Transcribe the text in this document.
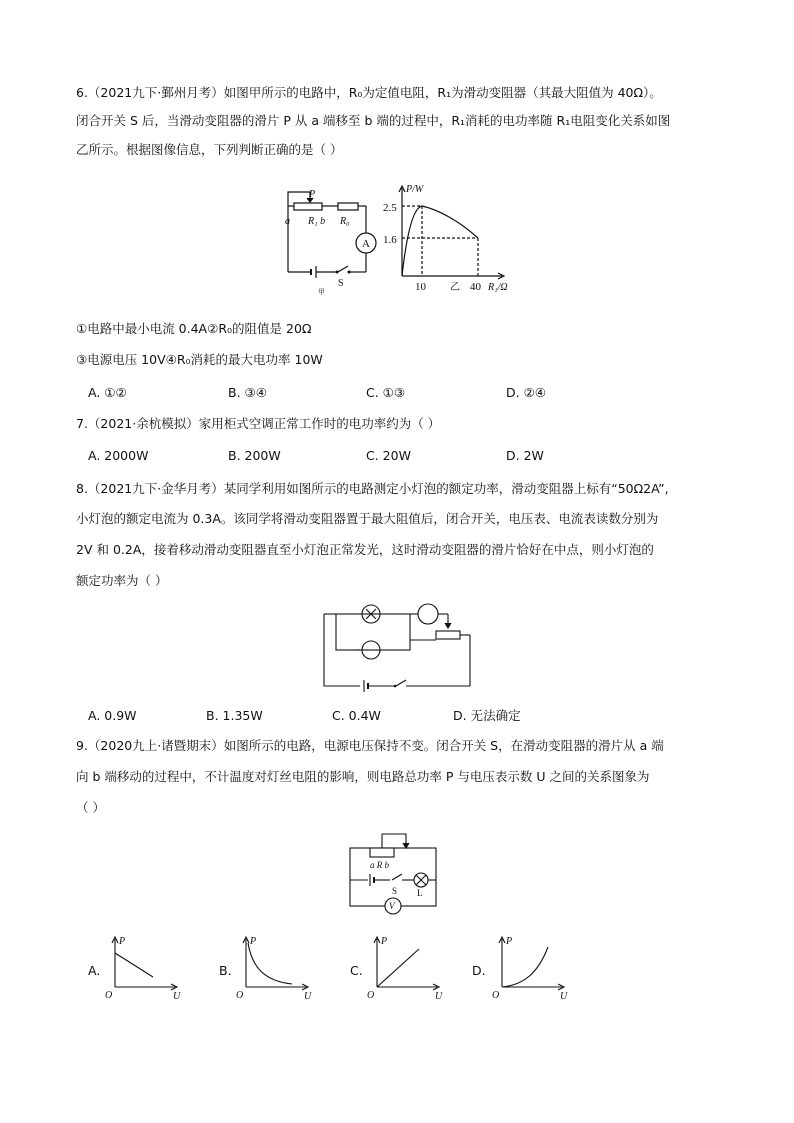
6.（2021九下·鄞州月考）如图甲所示的电路中，R₀为定值电阻，R₁为滑动变阻器（其最大阻值为 40Ω）。
闭合开关 S 后，当滑动变阻器的滑片 P 从 a 端移至 b 端的过程中，R₁消耗的电功率随 R₁电阻变化关系如图
乙所示。根据图像信息，下列判断正确的是（ ）
P
a R₁ b R₀
A
S
甲
P/W
2.5
1.6
10 乙 40 R₁/Ω
①电路中最小电流 0.4A②R₀的阻值是 20Ω
③电源电压 10V④R₀消耗的最大电功率 10W
A. ①②	B. ③④	C. ①③	D. ②④
7.（2021·余杭模拟）家用柜式空调正常工作时的电功率约为（ ）
A. 2000W	B. 200W	C. 20W	D. 2W
8.（2021九下·金华月考）某同学利用如图所示的电路测定小灯泡的额定功率，滑动变阻器上标有“50Ω2A”,
小灯泡的额定电流为 0.3A。该同学将滑动变阻器置于最大阻值后，闭合开关，电压表、电流表读数分别为
2V 和 0.2A，接着移动滑动变阻器直至小灯泡正常发光，这时滑动变阻器的滑片恰好在中点，则小灯泡的
额定功率为（ ）
A. 0.9W	B. 1.35W	C. 0.4W	D. 无法确定
9.（2020九上·诸暨期末）如图所示的电路，电源电压保持不变。闭合开关 S，在滑动变阻器的滑片从 a 端
向 b 端移动的过程中，不计温度对灯丝电阻的影响，则电路总功率 P 与电压表示数 U 之间的关系图象为
（ ）
a R b
S L
V
A.
P
O	U
B.
P
O	U
C.
P
O	U
D.
P
O	U
